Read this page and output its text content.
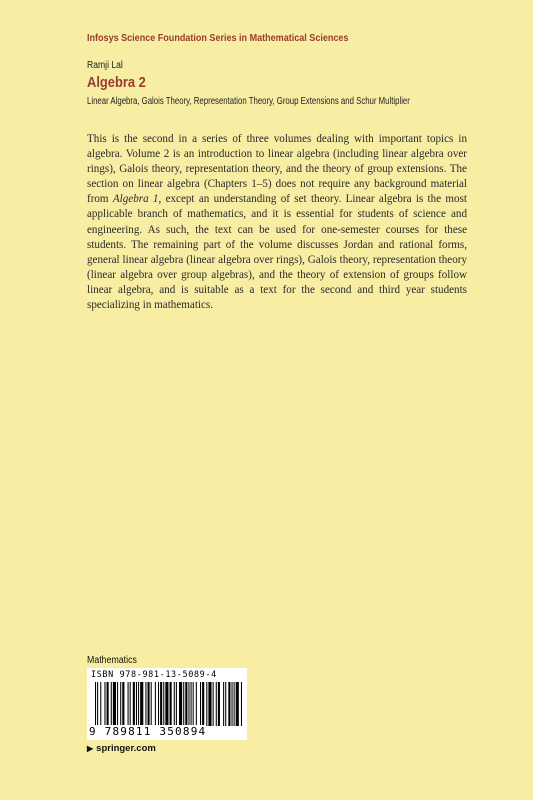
Infosys Science Foundation Series in Mathematical Sciences
Ramji Lal
Algebra 2
Linear Algebra, Galois Theory, Representation Theory, Group Extensions and Schur Multiplier
This is the second in a series of three volumes dealing with important topics in algebra. Volume 2 is an introduction to linear algebra (including linear algebra over rings), Galois theory, representation theory, and the theory of group extensions. The section on linear algebra (Chapters 1–5) does not require any background material from Algebra 1, except an understanding of set theory. Linear algebra is the most applicable branch of mathematics, and it is essential for students of science and engineering. As such, the text can be used for one-semester courses for these students. The remaining part of the volume discusses Jordan and rational forms, general linear algebra (linear algebra over rings), Galois theory, representation theory (linear algebra over group algebras), and the theory of extension of groups follow linear algebra, and is suitable as a text for the second and third year students specializing in mathematics.
Mathematics
ISBN 978-981-13-5089-4
9 789811 350894
▶ springer.com
